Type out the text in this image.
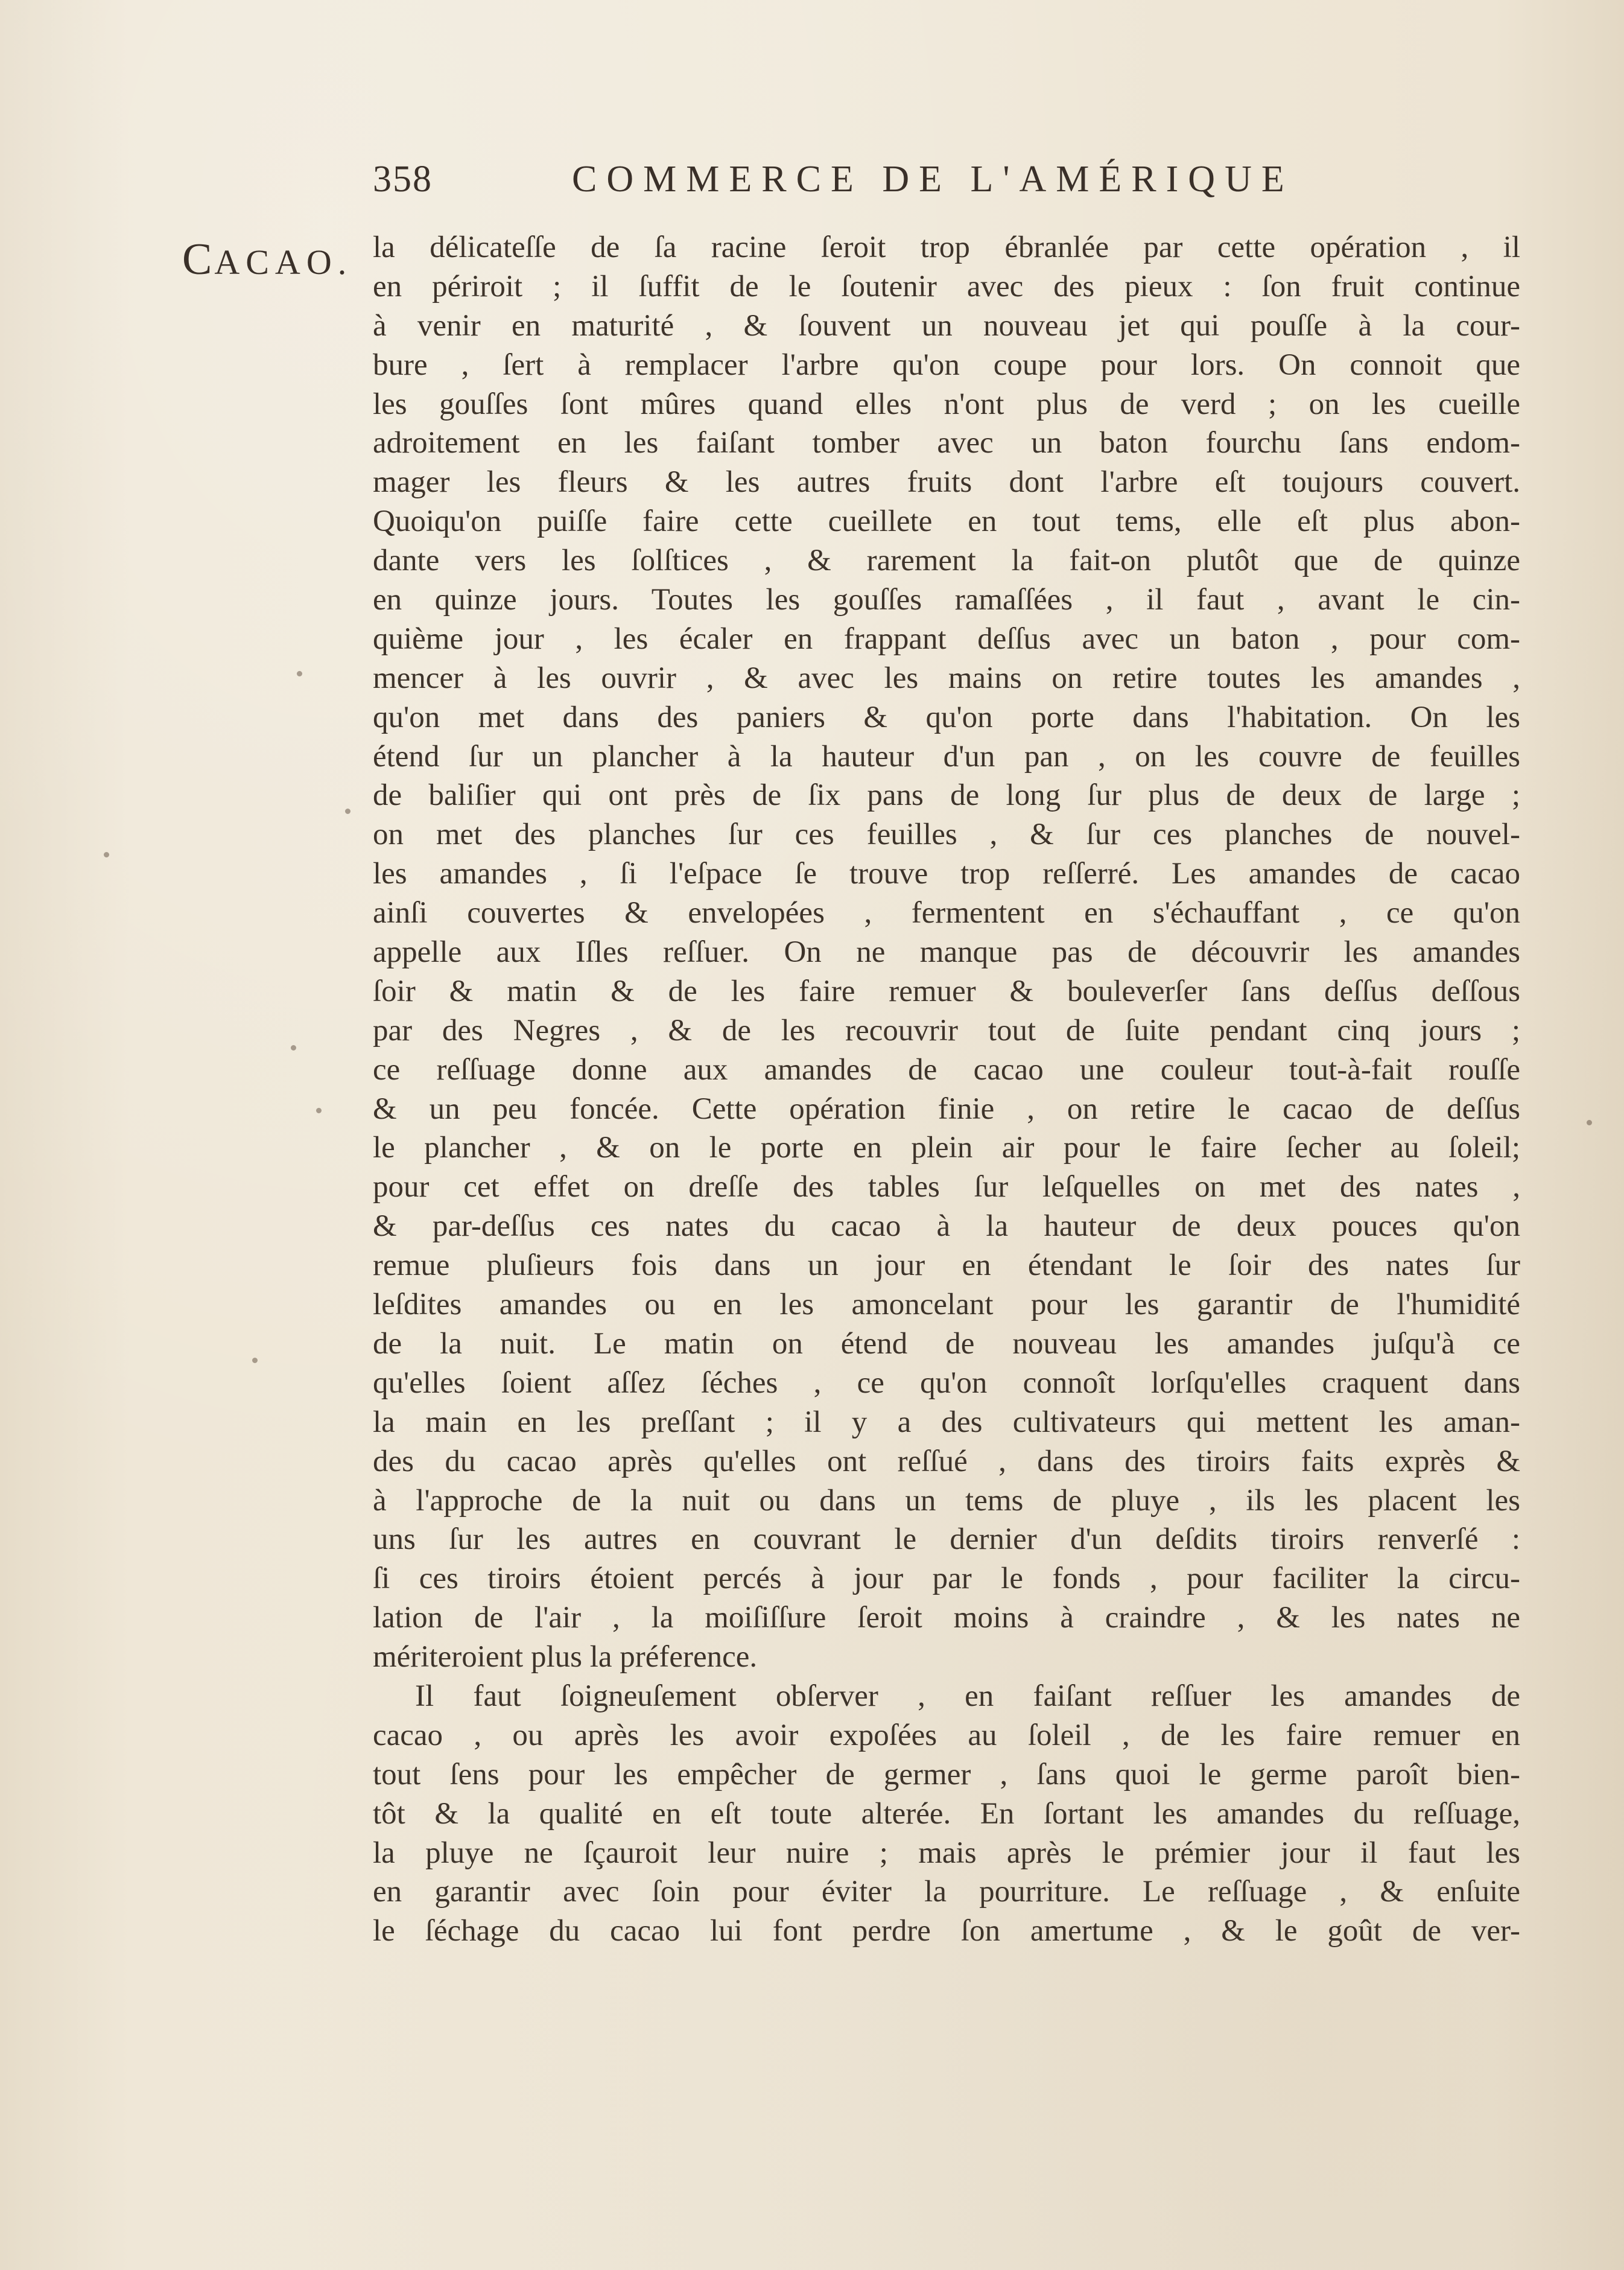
358	COMMERCE DE L'AMÉRIQUE
CACAO. la délicateſſe de ſa racine ſeroit trop ébranlée par cette opération , il
en périroit ; il ſuffit de le ſoutenir avec des pieux : ſon fruit continue
à venir en maturité , & ſouvent un nouveau jet qui pouſſe à la cour-
bure , ſert à remplacer l'arbre qu'on coupe pour lors. On connoit que
les gouſſes ſont mûres quand elles n'ont plus de verd ; on les cueille
adroitement en les faiſant tomber avec un baton fourchu ſans endom-
mager les fleurs & les autres fruits dont l'arbre eſt toujours couvert.
Quoiqu'on puiſſe faire cette cueillete en tout tems, elle eſt plus abon-
dante vers les ſolſtices , & rarement la fait-on plutôt que de quinze
en quinze jours. Toutes les gouſſes ramaſſées , il faut , avant le cin-
quième jour , les écaler en frappant deſſus avec un baton , pour com-
mencer à les ouvrir , & avec les mains on retire toutes les amandes ,
qu'on met dans des paniers & qu'on porte dans l'habitation. On les
étend ſur un plancher à la hauteur d'un pan , on les couvre de feuilles
de baliſier qui ont près de ſix pans de long ſur plus de deux de large ;
on met des planches ſur ces feuilles , & ſur ces planches de nouvel-
les amandes , ſi l'eſpace ſe trouve trop reſſerré. Les amandes de cacao
ainſi couvertes & envelopées , fermentent en s'échauffant , ce qu'on
appelle aux Iſles reſſuer. On ne manque pas de découvrir les amandes
ſoir & matin & de les faire remuer & bouleverſer ſans deſſus deſſous
par des Negres , & de les recouvrir tout de ſuite pendant cinq jours ;
ce reſſuage donne aux amandes de cacao une couleur tout-à-fait rouſſe
& un peu foncée. Cette opération finie , on retire le cacao de deſſus
le plancher , & on le porte en plein air pour le faire ſecher au ſoleil;
pour cet effet on dreſſe des tables ſur leſquelles on met des nates ,
& par-deſſus ces nates du cacao à la hauteur de deux pouces qu'on
remue pluſieurs fois dans un jour en étendant le ſoir des nates ſur
leſdites amandes ou en les amoncelant pour les garantir de l'humidité
de la nuit. Le matin on étend de nouveau les amandes juſqu'à ce
qu'elles ſoient aſſez ſéches , ce qu'on connoît lorſqu'elles craquent dans
la main en les preſſant ; il y a des cultivateurs qui mettent les aman-
des du cacao après qu'elles ont reſſué , dans des tiroirs faits exprès &
à l'approche de la nuit ou dans un tems de pluye , ils les placent les
uns ſur les autres en couvrant le dernier d'un deſdits tiroirs renverſé :
ſi ces tiroirs étoient percés à jour par le fonds , pour faciliter la circu-
lation de l'air , la moiſiſſure ſeroit moins à craindre , & les nates ne
mériteroient plus la préference.
Il faut ſoigneuſement obſerver , en faiſant reſſuer les amandes de
cacao , ou après les avoir expoſées au ſoleil , de les faire remuer en
tout ſens pour les empêcher de germer , ſans quoi le germe paroît bien-
tôt & la qualité en eſt toute alterée. En ſortant les amandes du reſſuage,
la pluye ne ſçauroit leur nuire ; mais après le prémier jour il faut les
en garantir avec ſoin pour éviter la pourriture. Le reſſuage , & enſuite
le ſéchage du cacao lui font perdre ſon amertume , & le goût de ver-
